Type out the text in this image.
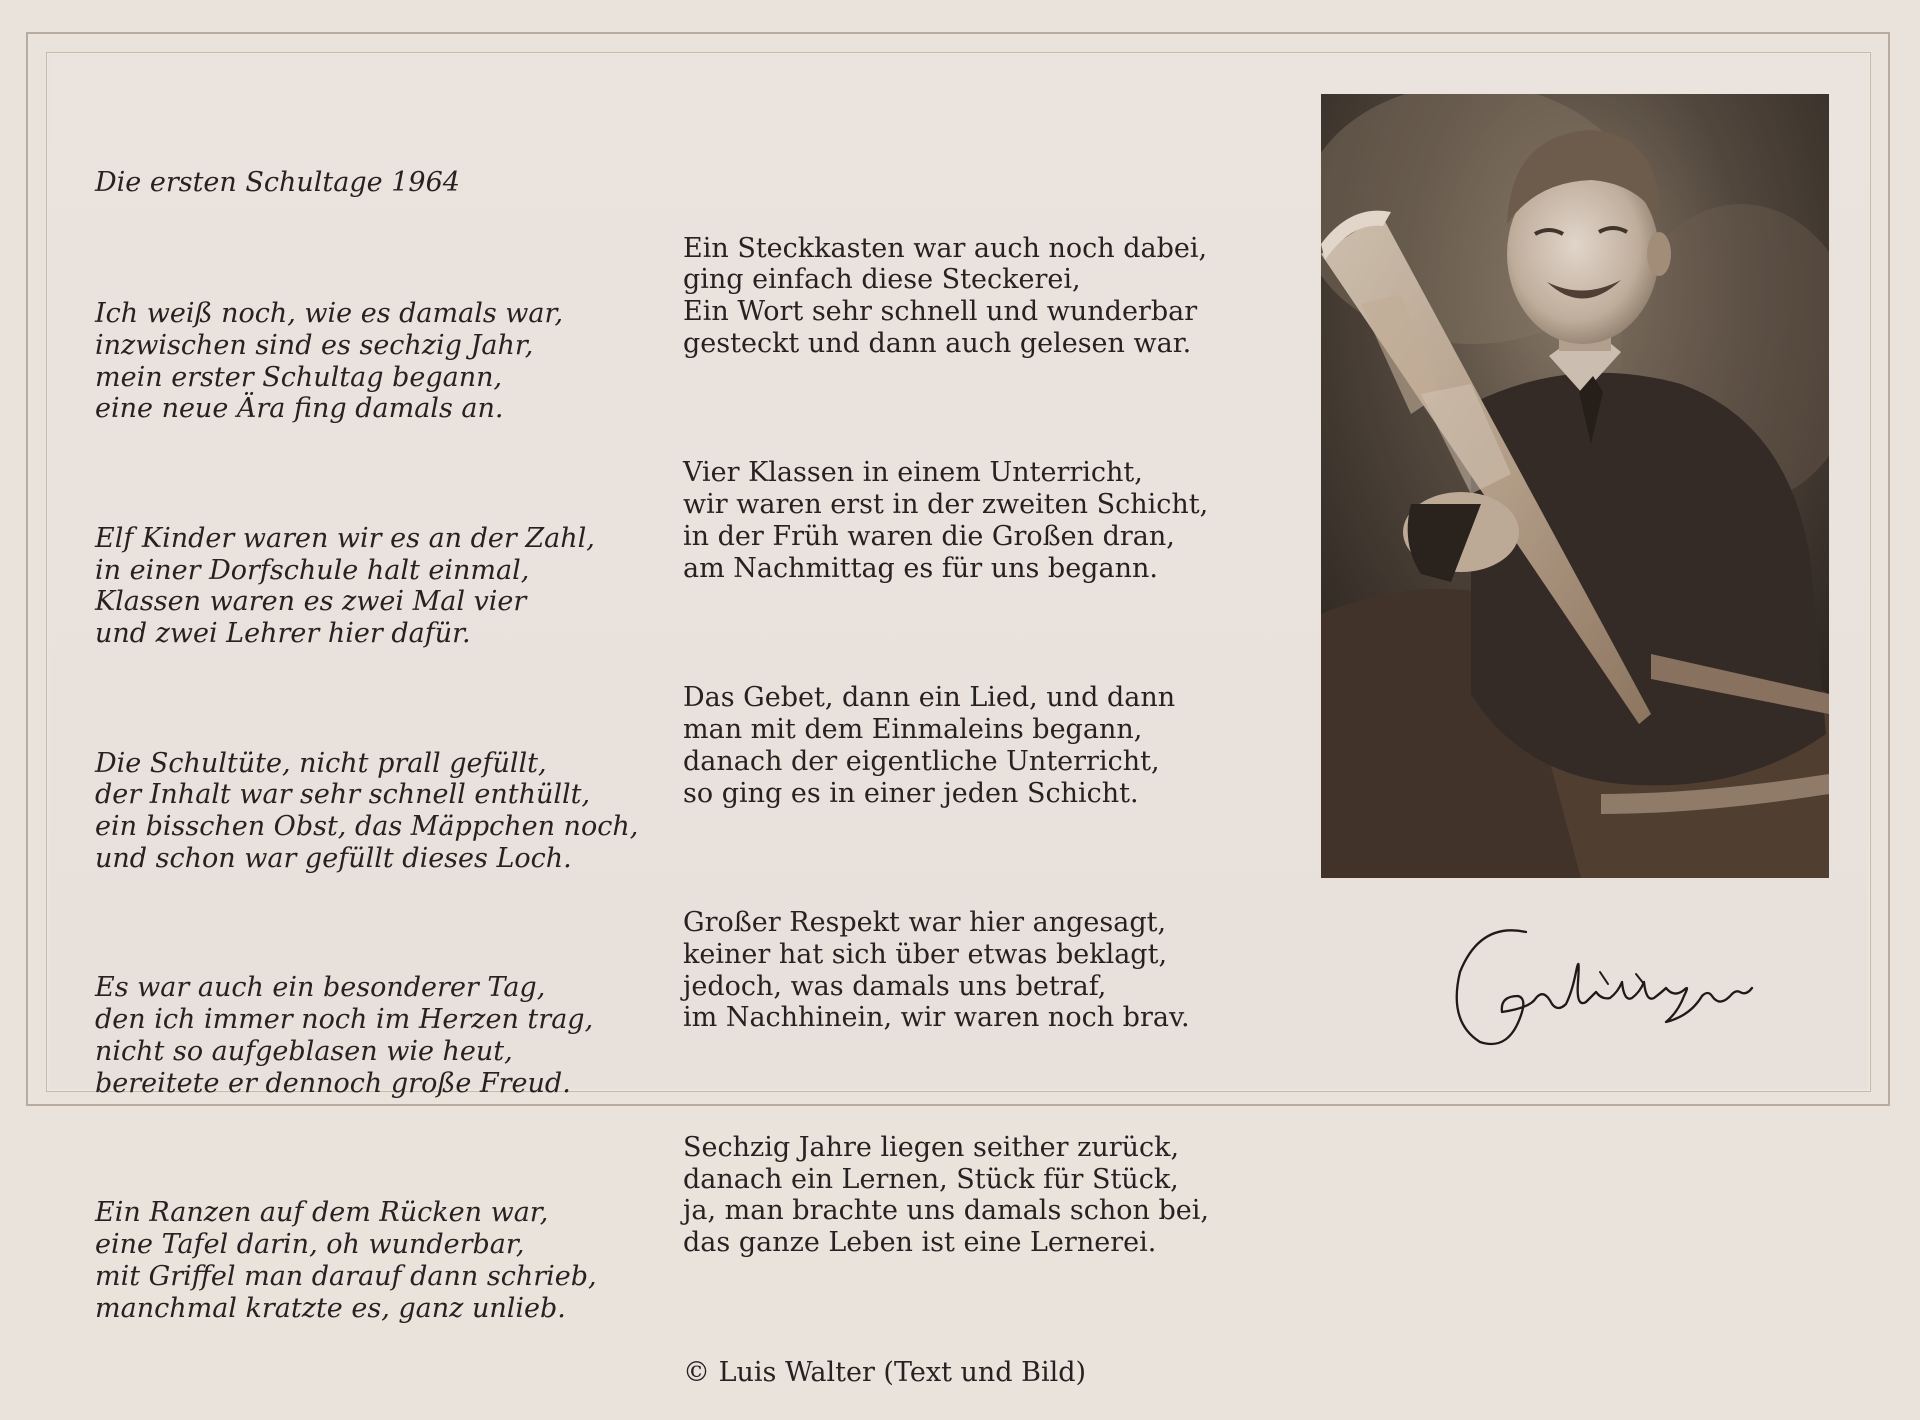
Die ersten Schultage 1964

Ich weiß noch, wie es damals war,
inzwischen sind es sechzig Jahr,
mein erster Schultag begann,
eine neue Ära fing damals an.

Elf Kinder waren wir es an der Zahl,
in einer Dorfschule halt einmal,
Klassen waren es zwei Mal vier
und zwei Lehrer hier dafür.

Die Schultüte, nicht prall gefüllt,
der Inhalt war sehr schnell enthüllt,
ein bisschen Obst, das Mäppchen noch,
und schon war gefüllt dieses Loch.

Es war auch ein besonderer Tag,
den ich immer noch im Herzen trag,
nicht so aufgeblasen wie heut,
bereitete er dennoch große Freud.

Ein Ranzen auf dem Rücken war,
eine Tafel darin, oh wunderbar,
mit Griffel man darauf dann schrieb,
manchmal kratzte es, ganz unlieb.

Ein Steckkasten war auch noch dabei,
ging einfach diese Steckerei,
Ein Wort sehr schnell und wunderbar
gesteckt und dann auch gelesen war.

Vier Klassen in einem Unterricht,
wir waren erst in der zweiten Schicht,
in der Früh waren die Großen dran,
am Nachmittag es für uns begann.

Das Gebet, dann ein Lied, und dann
man mit dem Einmaleins begann,
danach der eigentliche Unterricht,
so ging es in einer jeden Schicht.

Großer Respekt war hier angesagt,
keiner hat sich über etwas beklagt,
jedoch, was damals uns betraf,
im Nachhinein, wir waren noch brav.

Sechzig Jahre liegen seither zurück,
danach ein Lernen, Stück für Stück,
ja, man brachte uns damals schon bei,
das ganze Leben ist eine Lernerei.

© Luis Walter (Text und Bild)
